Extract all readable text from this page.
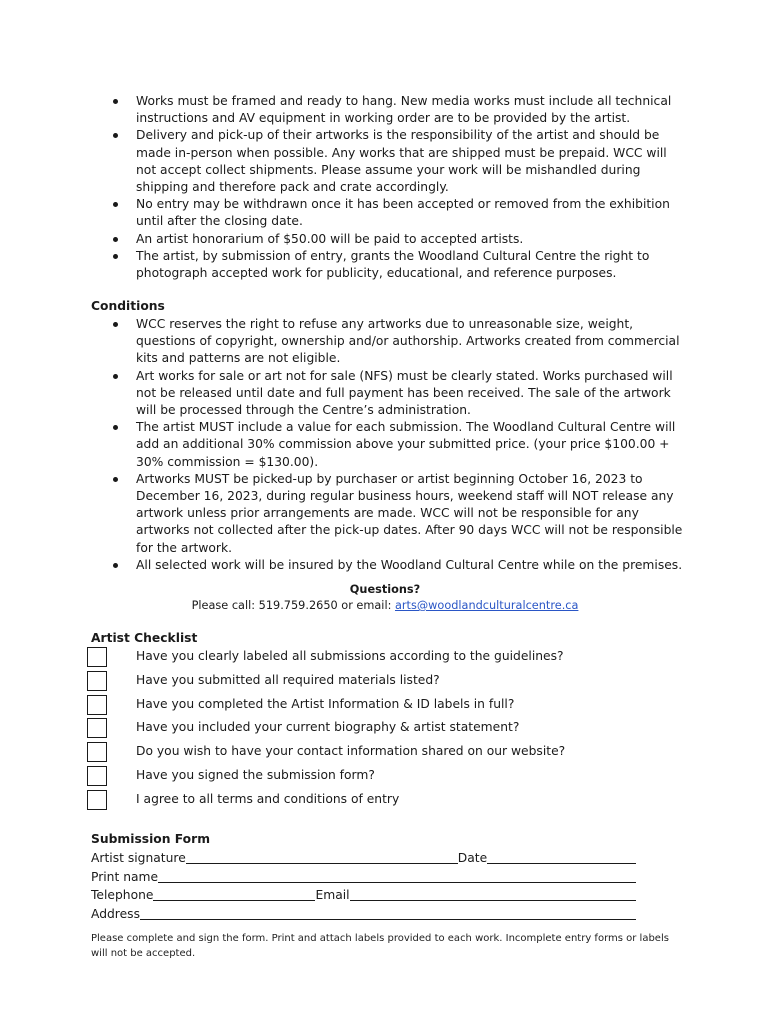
Works must be framed and ready to hang. New media works must include all technical instructions and AV equipment in working order are to be provided by the artist.
Delivery and pick-up of their artworks is the responsibility of the artist and should be made in-person when possible. Any works that are shipped must be prepaid. WCC will not accept collect shipments. Please assume your work will be mishandled during shipping and therefore pack and crate accordingly.
No entry may be withdrawn once it has been accepted or removed from the exhibition until after the closing date.
An artist honorarium of $50.00 will be paid to accepted artists.
The artist, by submission of entry, grants the Woodland Cultural Centre the right to photograph accepted work for publicity, educational, and reference purposes.
Conditions
WCC reserves the right to refuse any artworks due to unreasonable size, weight, questions of copyright, ownership and/or authorship. Artworks created from commercial kits and patterns are not eligible.
Art works for sale or art not for sale (NFS) must be clearly stated. Works purchased will not be released until date and full payment has been received. The sale of the artwork will be processed through the Centre’s administration.
The artist MUST include a value for each submission. The Woodland Cultural Centre will add an additional 30% commission above your submitted price. (your price $100.00 + 30% commission = $130.00).
Artworks MUST be picked-up by purchaser or artist beginning October 16, 2023 to December 16, 2023, during regular business hours, weekend staff will NOT release any artwork unless prior arrangements are made. WCC will not be responsible for any artworks not collected after the pick-up dates. After 90 days WCC will not be responsible for the artwork.
All selected work will be insured by the Woodland Cultural Centre while on the premises.
Questions?
Please call: 519.759.2650 or email: arts@woodlandculturalcentre.ca
Artist Checklist
Have you clearly labeled all submissions according to the guidelines?
Have you submitted all required materials listed?
Have you completed the Artist Information & ID labels in full?
Have you included your current biography & artist statement?
Do you wish to have your contact information shared on our website?
Have you signed the submission form?
I agree to all terms and conditions of entry
Submission Form
Artist signature	Date
Print name
Telephone	Email
Address
Please complete and sign the form. Print and attach labels provided to each work. Incomplete entry forms or labels will not be accepted.
